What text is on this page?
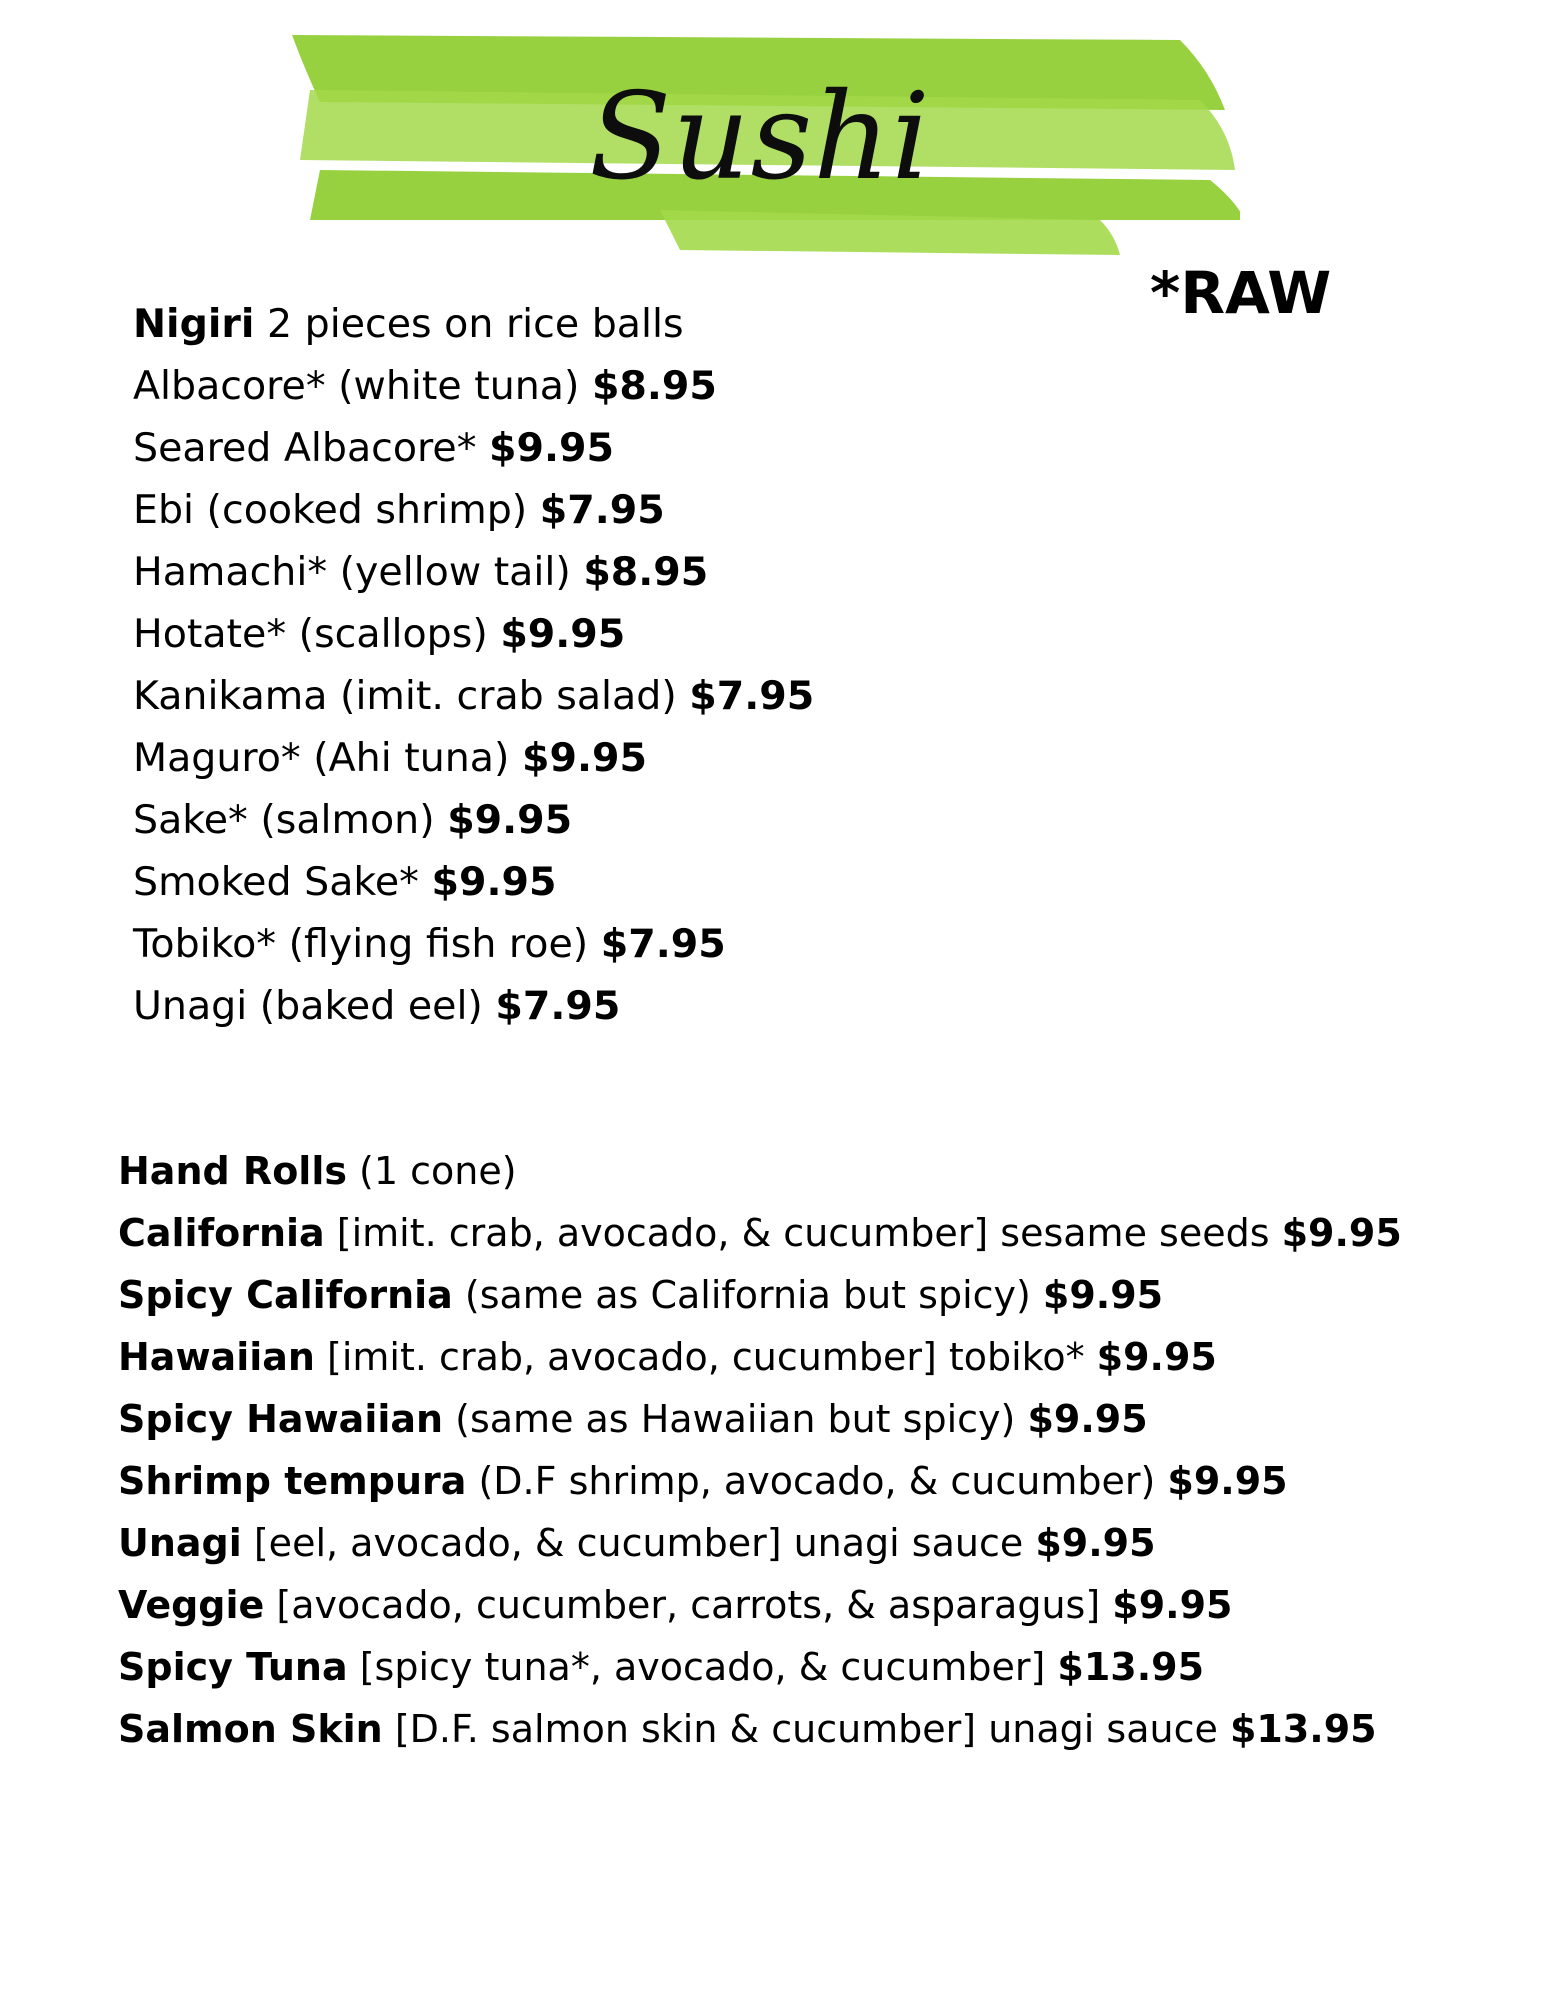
Sushi
*RAW
Nigiri 2 pieces on rice balls
Albacore* (white tuna) $8.95
Seared Albacore* $9.95
Ebi (cooked shrimp) $7.95
Hamachi* (yellow tail) $8.95
Hotate* (scallops) $9.95
Kanikama (imit. crab salad) $7.95
Maguro* (Ahi tuna) $9.95
Sake* (salmon) $9.95
Smoked Sake* $9.95
Tobiko* (flying fish roe) $7.95
Unagi (baked eel) $7.95
Hand Rolls (1 cone)
California [imit. crab, avocado, & cucumber] sesame seeds $9.95
Spicy California (same as California but spicy) $9.95
Hawaiian [imit. crab, avocado, cucumber] tobiko* $9.95
Spicy Hawaiian (same as Hawaiian but spicy) $9.95
Shrimp tempura (D.F shrimp, avocado, & cucumber) $9.95
Unagi [eel, avocado, & cucumber] unagi sauce $9.95
Veggie [avocado, cucumber, carrots, & asparagus] $9.95
Spicy Tuna [spicy tuna*, avocado, & cucumber] $13.95
Salmon Skin [D.F. salmon skin & cucumber] unagi sauce $13.95
